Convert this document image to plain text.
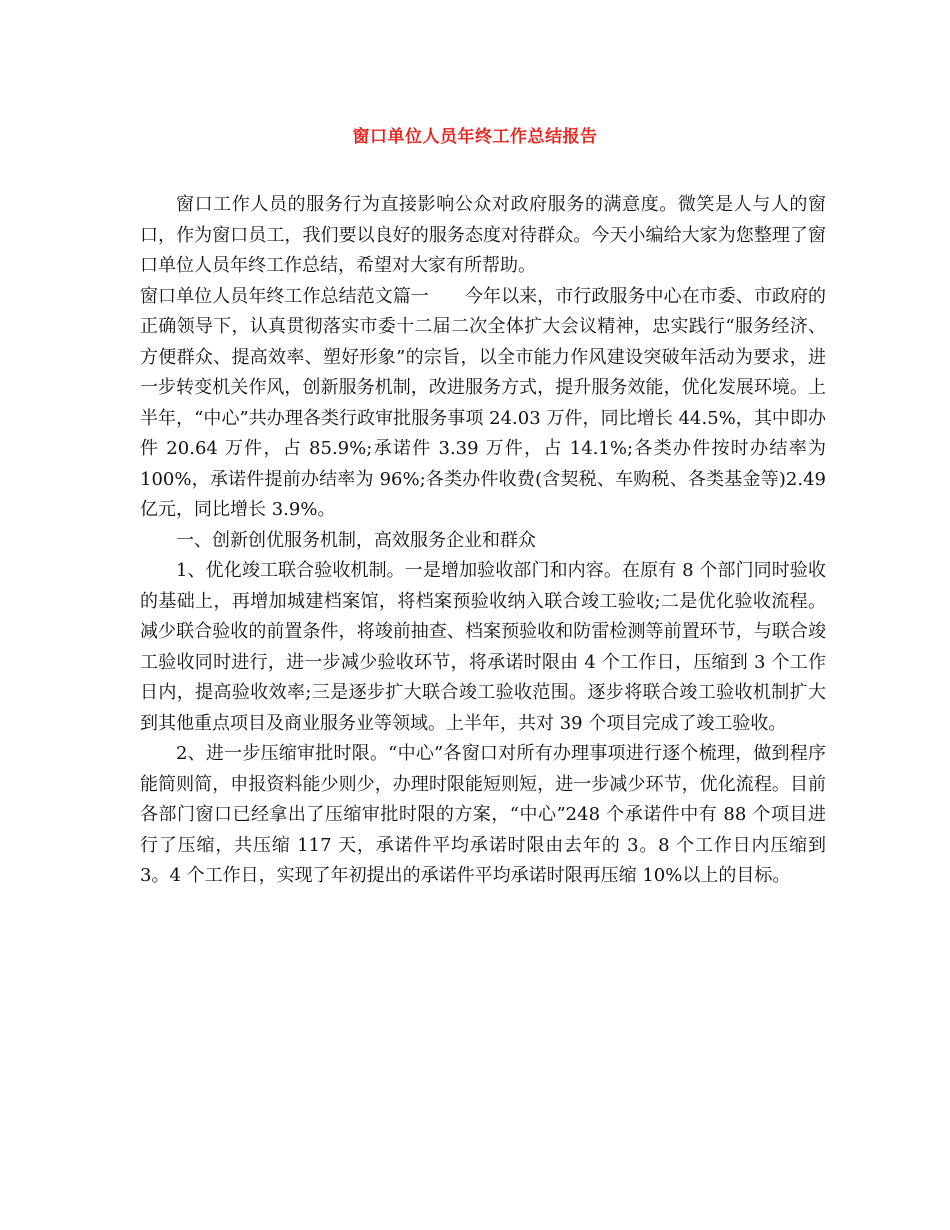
窗口单位人员年终工作总结报告

窗口工作人员的服务行为直接影响公众对政府服务的满意度。微笑是人与人的窗口，作为窗口员工，我们要以良好的服务态度对待群众。今天小编给大家为您整理了窗口单位人员年终工作总结，希望对大家有所帮助。

窗口单位人员年终工作总结范文篇一　　今年以来，市行政服务中心在市委、市政府的正确领导下，认真贯彻落实市委十二届二次全体扩大会议精神，忠实践行“服务经济、方便群众、提高效率、塑好形象”的宗旨，以全市能力作风建设突破年活动为要求，进一步转变机关作风，创新服务机制，改进服务方式，提升服务效能，优化发展环境。上半年，“中心”共办理各类行政审批服务事项 24.03 万件，同比增长 44.5%，其中即办件 20.64 万件，占 85.9%;承诺件 3.39 万件，占 14.1%;各类办件按时办结率为 100%，承诺件提前办结率为 96%;各类办件收费(含契税、车购税、各类基金等)2.49 亿元，同比增长 3.9%。

一、创新创优服务机制，高效服务企业和群众

1、优化竣工联合验收机制。一是增加验收部门和内容。在原有 8 个部门同时验收的基础上，再增加城建档案馆，将档案预验收纳入联合竣工验收;二是优化验收流程。减少联合验收的前置条件，将竣前抽查、档案预验收和防雷检测等前置环节，与联合竣工验收同时进行，进一步减少验收环节，将承诺时限由 4 个工作日，压缩到 3 个工作日内，提高验收效率;三是逐步扩大联合竣工验收范围。逐步将联合竣工验收机制扩大到其他重点项目及商业服务业等领域。上半年，共对 39 个项目完成了竣工验收。

2、进一步压缩审批时限。“中心”各窗口对所有办理事项进行逐个梳理，做到程序能简则简，申报资料能少则少，办理时限能短则短，进一步减少环节，优化流程。目前各部门窗口已经拿出了压缩审批时限的方案，“中心”248 个承诺件中有 88 个项目进行了压缩，共压缩 117 天，承诺件平均承诺时限由去年的 3。8 个工作日内压缩到 3。4 个工作日，实现了年初提出的承诺件平均承诺时限再压缩 10%以上的目标。
